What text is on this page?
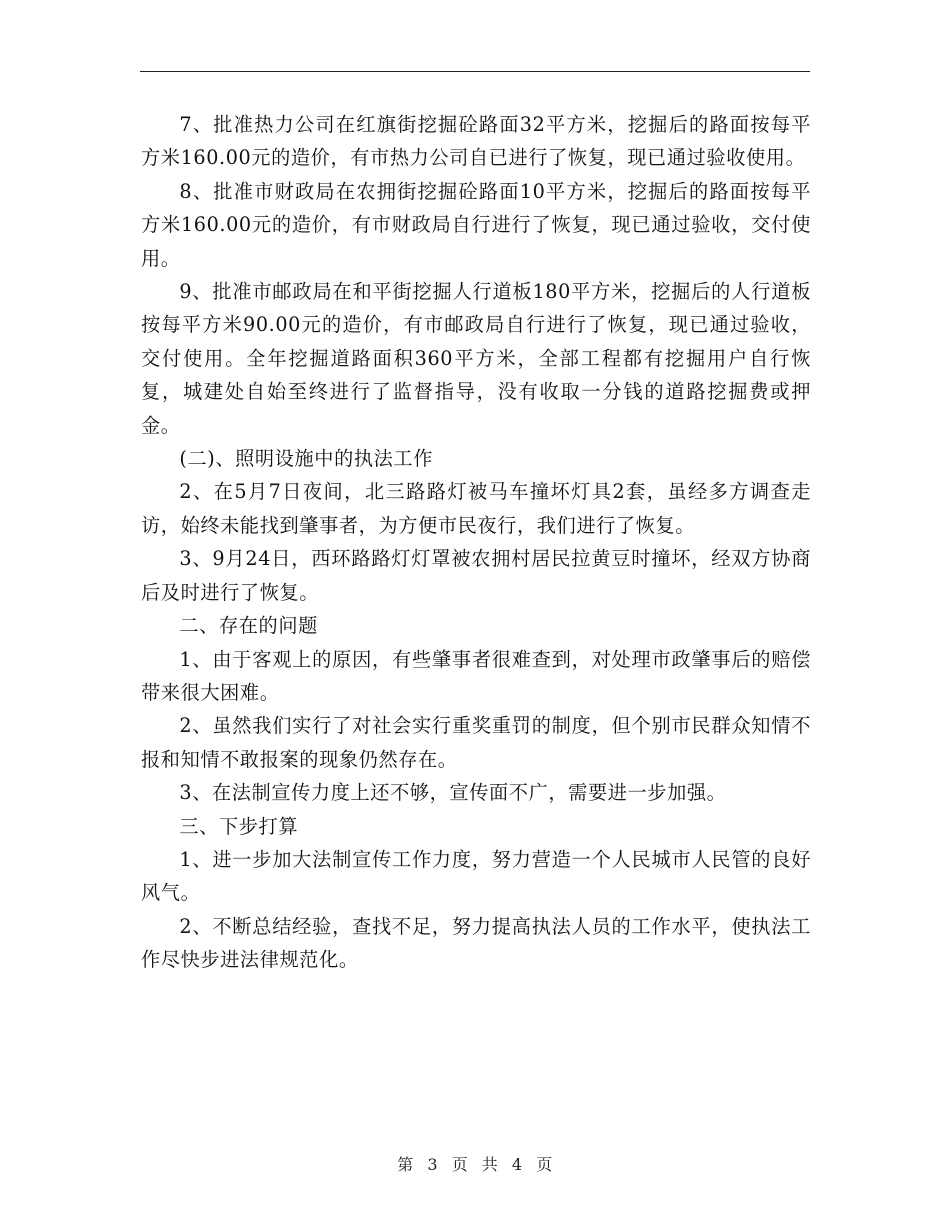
7、批准热力公司在红旗街挖掘砼路面32平方米，挖掘后的路面按每平方米160.00元的造价，有市热力公司自已进行了恢复，现已通过验收使用。

8、批准市财政局在农拥街挖掘砼路面10平方米，挖掘后的路面按每平方米160.00元的造价，有市财政局自行进行了恢复，现已通过验收，交付使用。

9、批准市邮政局在和平街挖掘人行道板180平方米，挖掘后的人行道板按每平方米90.00元的造价，有市邮政局自行进行了恢复，现已通过验收，交付使用。全年挖掘道路面积360平方米，全部工程都有挖掘用户自行恢复，城建处自始至终进行了监督指导，没有收取一分钱的道路挖掘费或押金。

(二)、照明设施中的执法工作

2、在5月7日夜间，北三路路灯被马车撞坏灯具2套，虽经多方调查走访，始终未能找到肇事者，为方便市民夜行，我们进行了恢复。

3、9月24日，西环路路灯灯罩被农拥村居民拉黄豆时撞坏，经双方协商后及时进行了恢复。

二、存在的问题

1、由于客观上的原因，有些肇事者很难查到，对处理市政肇事后的赔偿带来很大困难。

2、虽然我们实行了对社会实行重奖重罚的制度，但个别市民群众知情不报和知情不敢报案的现象仍然存在。

3、在法制宣传力度上还不够，宣传面不广，需要进一步加强。

三、下步打算

1、进一步加大法制宣传工作力度，努力营造一个人民城市人民管的良好风气。

2、不断总结经验，查找不足，努力提高执法人员的工作水平，使执法工作尽快步进法律规范化。

第 3 页 共 4 页
